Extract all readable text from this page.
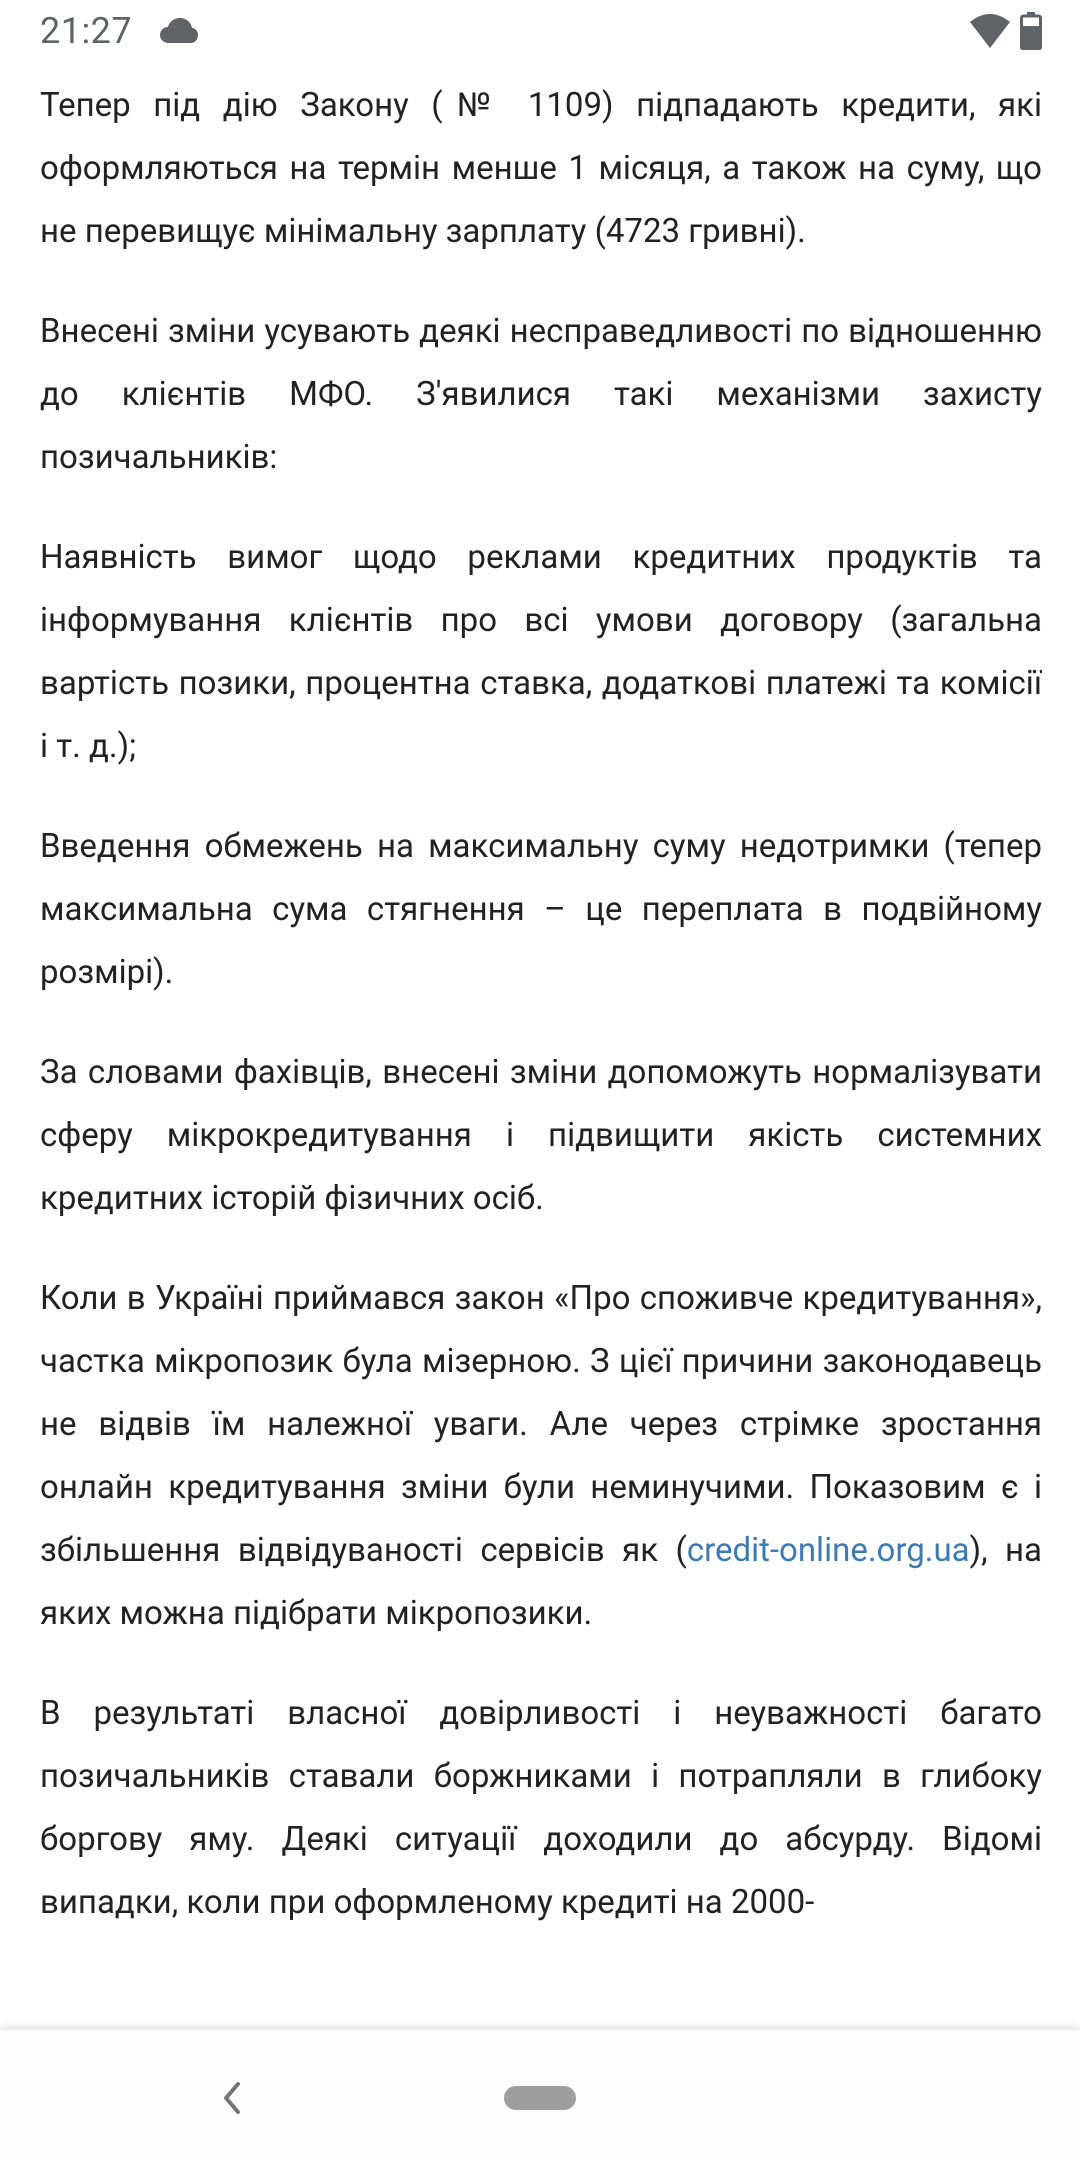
21:27

Тепер під дію Закону (№ 1109) підпадають кредити, які оформляються на термін менше 1 місяця, а також на суму, що не перевищує мінімальну зарплату (4723 гривні).

Внесені зміни усувають деякі несправедливості по відношенню до клієнтів МФО. З'явилися такі механізми захисту позичальників:

Наявність вимог щодо реклами кредитних продуктів та інформування клієнтів про всі умови договору (загальна вартість позики, процентна ставка, додаткові платежі та комісії і т. д.);

Введення обмежень на максимальну суму недотримки (тепер максимальна сума стягнення – це переплата в подвійному розмірі).

За словами фахівців, внесені зміни допоможуть нормалізувати сферу мікрокредитування і підвищити якість системних кредитних історій фізичних осіб.

Коли в Україні приймався закон «Про споживче кредитування», частка мікропозик була мізерною. З цієї причини законодавець не відвів їм належної уваги. Але через стрімке зростання онлайн кредитування зміни були неминучими. Показовим є і збільшення відвідуваності сервісів як (credit-online.org.ua), на яких можна підібрати мікропозики.

В результаті власної довірливості і неуважності багато позичальників ставали боржниками і потрапляли в глибоку боргову яму. Деякі ситуації доходили до абсурду. Відомі випадки, коли при оформленому кредиті на 2000-
